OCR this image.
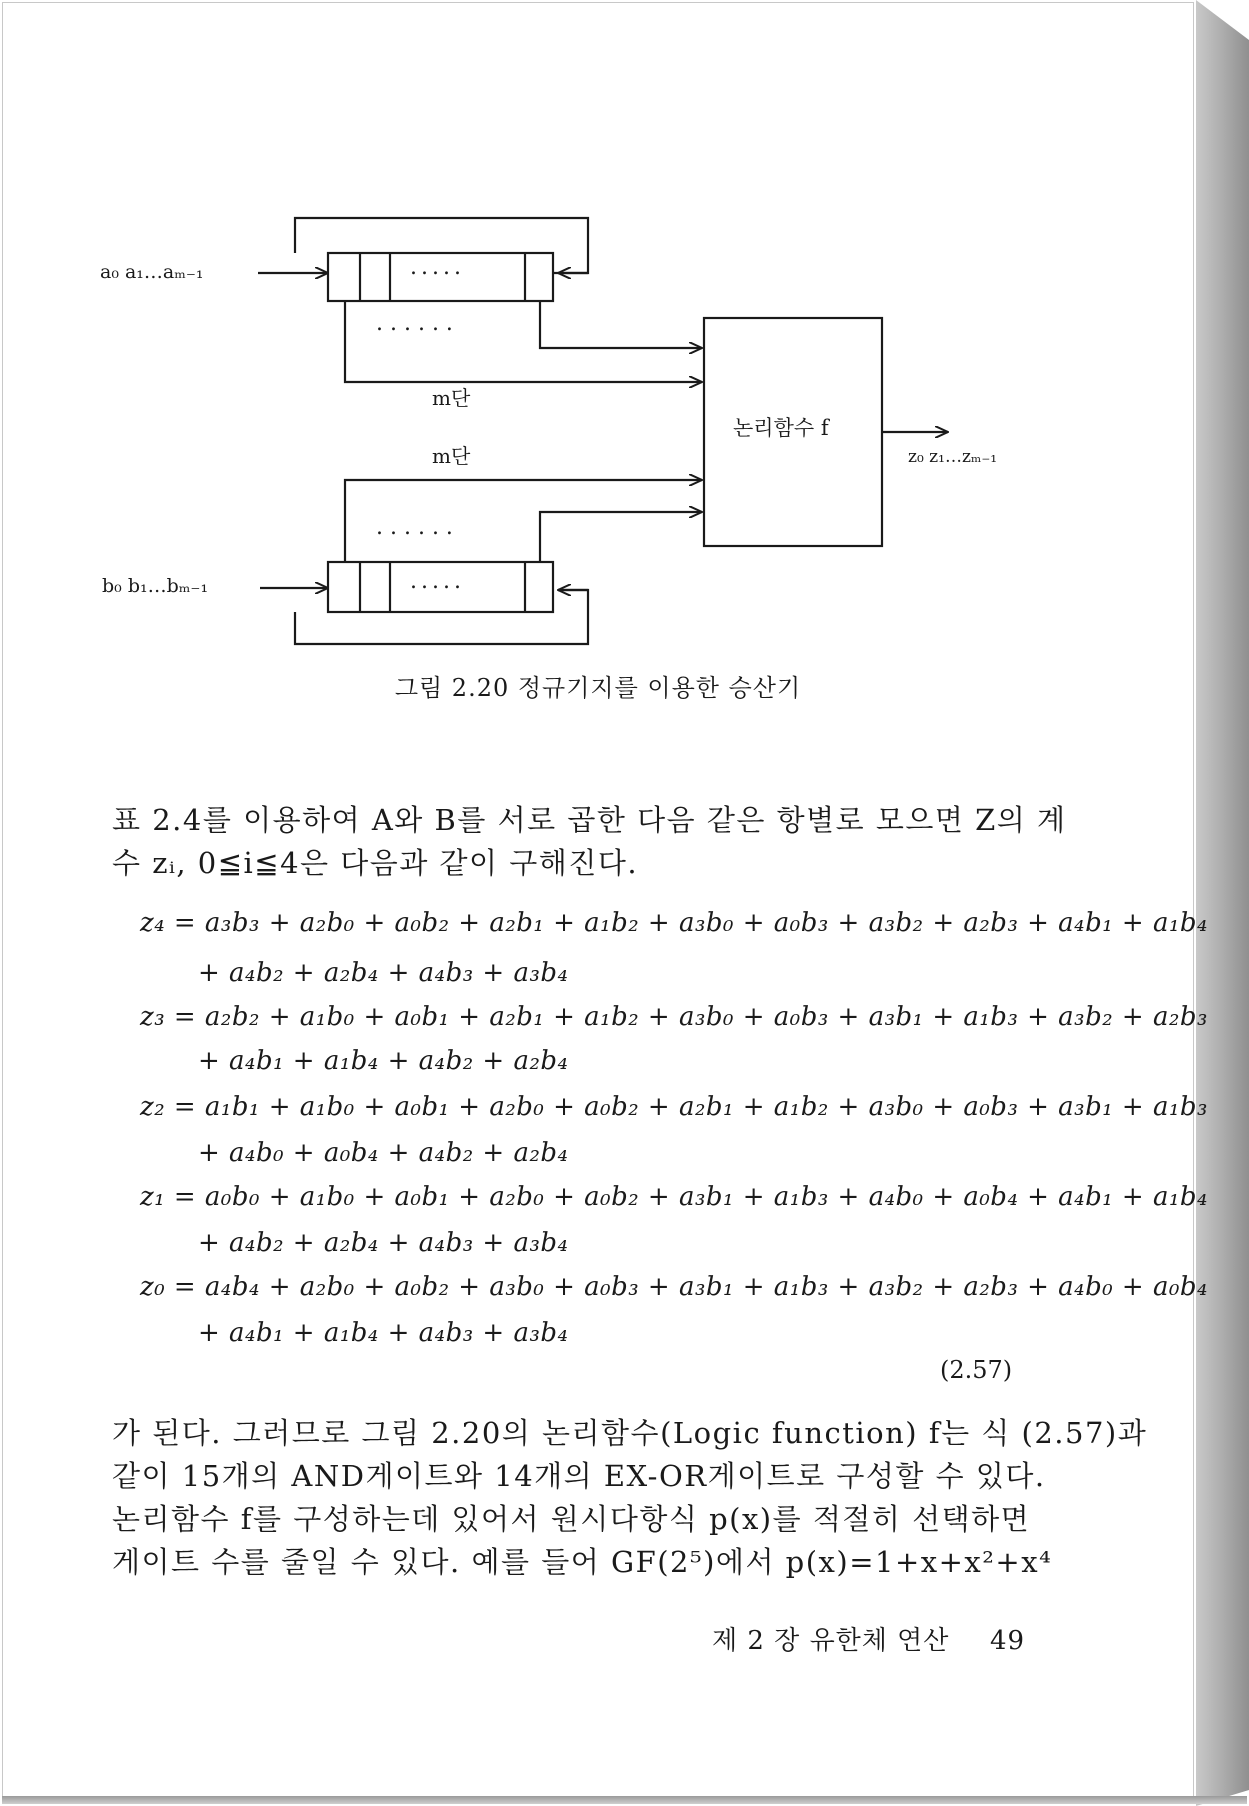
.....
.....
. . . . . .
. . . . . .
a₀ a₁…aₘ₋₁
b₀ b₁…bₘ₋₁
m단
m단
논리함수 f
z₀ z₁…zₘ₋₁
그림 2.20 정규기지를 이용한 승산기
표 2.4를 이용하여 A와 B를 서로 곱한 다음 같은 항별로 모으면 Z의 계
수 zᵢ, 0≦i≦4은 다음과 같이 구해진다.
z₄ = a₃b₃ + a₂b₀ + a₀b₂ + a₂b₁ + a₁b₂ + a₃b₀ + a₀b₃ + a₃b₂ + a₂b₃ + a₄b₁ + a₁b₄
+ a₄b₂ + a₂b₄ + a₄b₃ + a₃b₄
z₃ = a₂b₂ + a₁b₀ + a₀b₁ + a₂b₁ + a₁b₂ + a₃b₀ + a₀b₃ + a₃b₁ + a₁b₃ + a₃b₂ + a₂b₃
+ a₄b₁ + a₁b₄ + a₄b₂ + a₂b₄
z₂ = a₁b₁ + a₁b₀ + a₀b₁ + a₂b₀ + a₀b₂ + a₂b₁ + a₁b₂ + a₃b₀ + a₀b₃ + a₃b₁ + a₁b₃
+ a₄b₀ + a₀b₄ + a₄b₂ + a₂b₄
z₁ = a₀b₀ + a₁b₀ + a₀b₁ + a₂b₀ + a₀b₂ + a₃b₁ + a₁b₃ + a₄b₀ + a₀b₄ + a₄b₁ + a₁b₄
+ a₄b₂ + a₂b₄ + a₄b₃ + a₃b₄
z₀ = a₄b₄ + a₂b₀ + a₀b₂ + a₃b₀ + a₀b₃ + a₃b₁ + a₁b₃ + a₃b₂ + a₂b₃ + a₄b₀ + a₀b₄
+ a₄b₁ + a₁b₄ + a₄b₃ + a₃b₄
(2.57)
가 된다. 그러므로 그림 2.20의 논리함수(Logic function) f는 식 (2.57)과
같이 15개의 AND게이트와 14개의 EX-OR게이트로 구성할 수 있다.
논리함수 f를 구성하는데 있어서 원시다항식 p(x)를 적절히 선택하면
게이트 수를 줄일 수 있다. 예를 들어 GF(2⁵)에서 p(x)=1+x+x²+x⁴
제 2 장 유한체 연산 49
